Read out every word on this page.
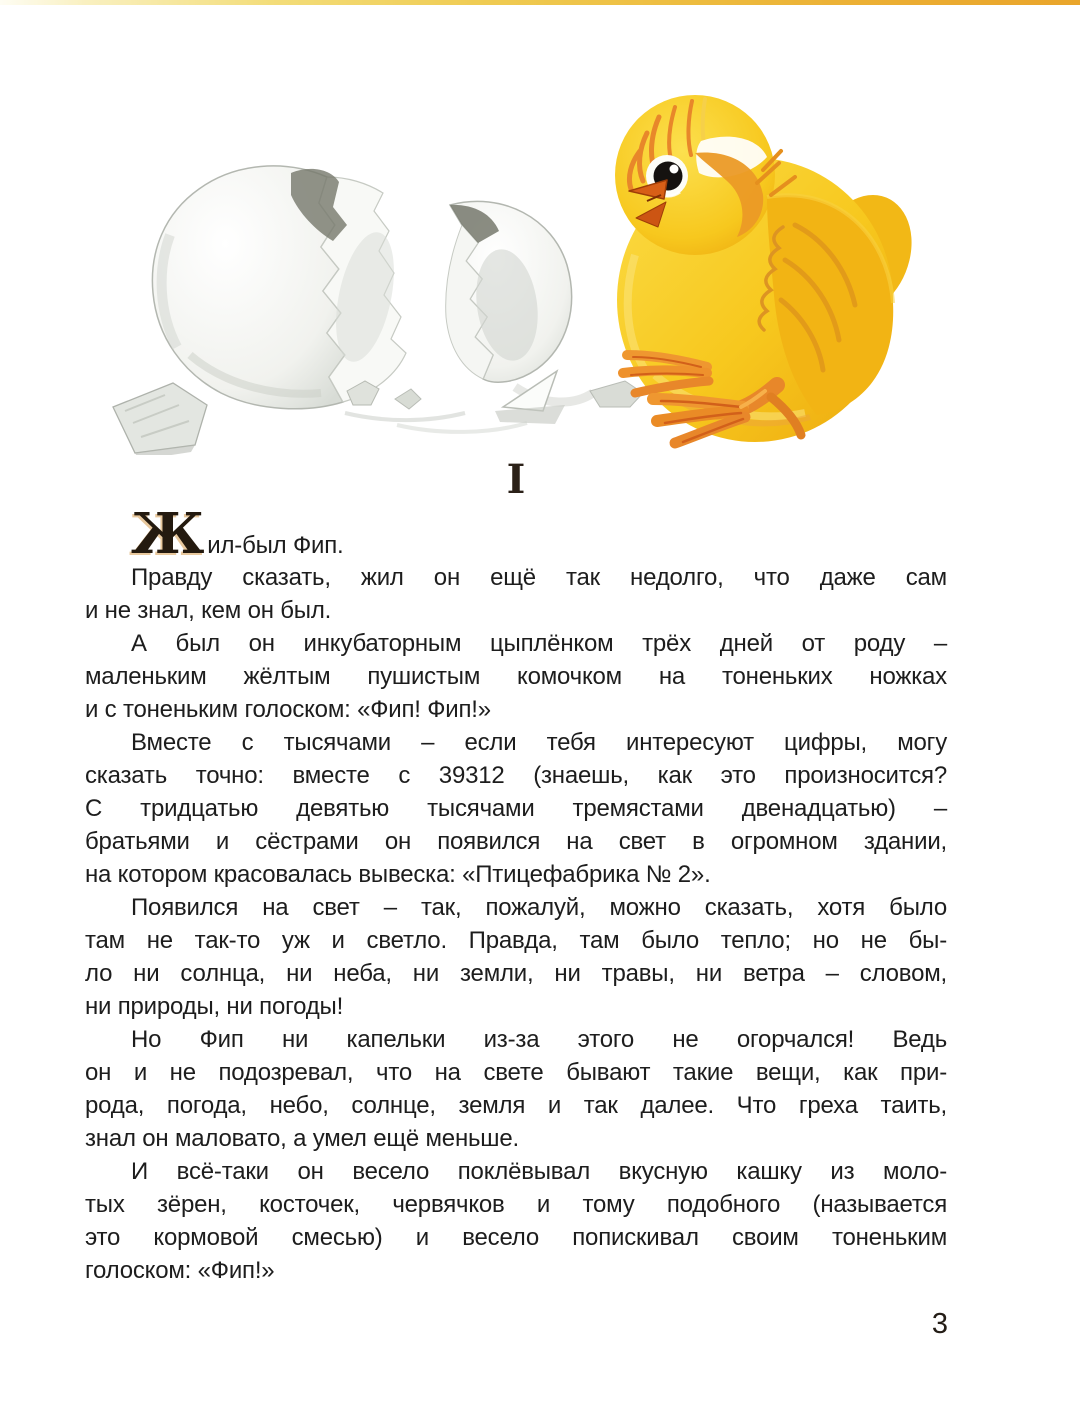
I

Жил-был Фип.

Правду сказать, жил он ещё так недолго, что даже сам
и не знал, кем он был.

А был он инкубаторным цыплёнком трёх дней от роду –
маленьким жёлтым пушистым комочком на тоненьких ножках
и с тоненьким голоском: «Фип! Фип!»

Вместе с тысячами – если тебя интересуют цифры, могу
сказать точно: вместе с 39312 (знаешь, как это произносится?
С тридцатью девятью тысячами тремястами двенадцатью) –
братьями и сёстрами он появился на свет в огромном здании,
на котором красовалась вывеска: «Птицефабрика № 2».

Появился на свет – так, пожалуй, можно сказать, хотя было
там не так-то уж и светло. Правда, там было тепло; но не бы-
ло ни солнца, ни неба, ни земли, ни травы, ни ветра – словом,
ни природы, ни погоды!

Но Фип ни капельки из-за этого не огорчался! Ведь
он и не подозревал, что на свете бывают такие вещи, как при-
рода, погода, небо, солнце, земля и так далее. Что греха таить,
знал он маловато, а умел ещё меньше.

И всё-таки он весело поклёвывал вкусную кашку из моло-
тых зёрен, косточек, червячков и тому подобного (называется
это кормовой смесью) и весело попискивал своим тоненьким
голоском: «Фип!»

3
